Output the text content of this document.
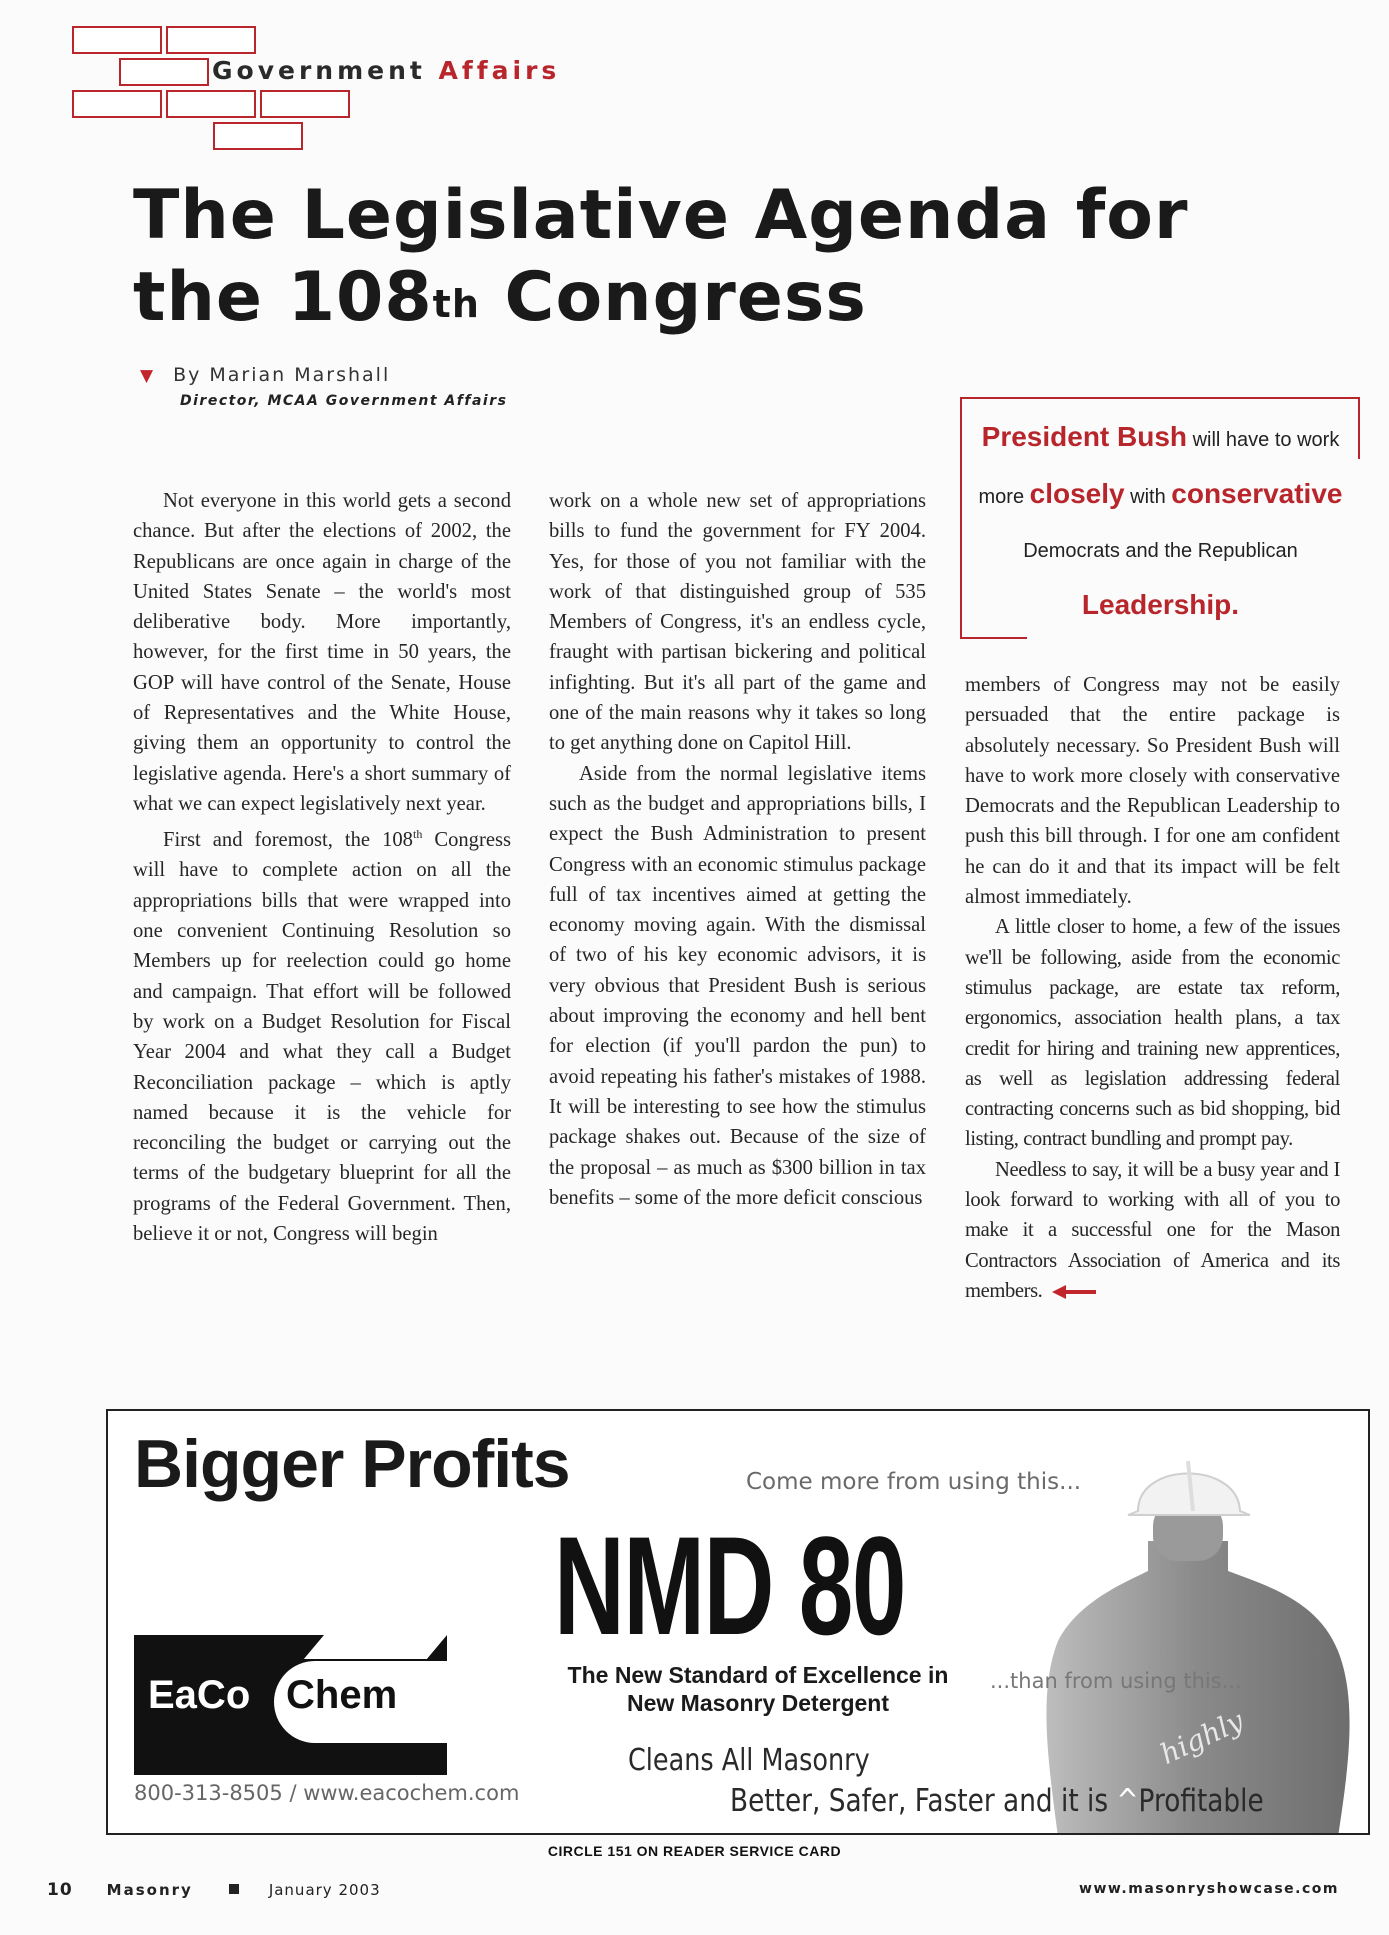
Government Affairs
The Legislative Agenda for
the 108th Congress
▼ By Marian Marshall
Director, MCAA Government Affairs

Not everyone in this world gets a second chance. But after the elections of 2002, the Republicans are once again in charge of the United States Senate – the world's most deliberative body. More importantly, however, for the first time in 50 years, the GOP will have control of the Senate, House of Representatives and the White House, giving them an opportunity to control the legislative agenda. Here's a short summary of what we can expect legislatively next year.

First and foremost, the 108th Congress will have to complete action on all the appropriations bills that were wrapped into one convenient Continuing Resolution so Members up for reelection could go home and campaign. That effort will be followed by work on a Budget Resolution for Fiscal Year 2004 and what they call a Budget Reconciliation package – which is aptly named because it is the vehicle for reconciling the budget or carrying out the terms of the budgetary blueprint for all the programs of the Federal Government. Then, believe it or not, Congress will begin

work on a whole new set of appropriations bills to fund the government for FY 2004. Yes, for those of you not familiar with the work of that distinguished group of 535 Members of Congress, it's an endless cycle, fraught with partisan bickering and political infighting. But it's all part of the game and one of the main reasons why it takes so long to get anything done on Capitol Hill.

Aside from the normal legislative items such as the budget and appropriations bills, I expect the Bush Administration to present Congress with an economic stimulus package full of tax incentives aimed at getting the economy moving again. With the dismissal of two of his key economic advisors, it is very obvious that President Bush is serious about improving the economy and hell bent for election (if you'll pardon the pun) to avoid repeating his father's mistakes of 1988. It will be interesting to see how the stimulus package shakes out. Because of the size of the proposal – as much as $300 billion in tax benefits – some of the more deficit conscious

President Bush will have to work more closely with conservative Democrats and the Republican Leadership.

members of Congress may not be easily persuaded that the entire package is absolutely necessary. So President Bush will have to work more closely with conservative Democrats and the Republican Leadership to push this bill through. I for one am confident he can do it and that its impact will be felt almost immediately.

A little closer to home, a few of the issues we'll be following, aside from the economic stimulus package, are estate tax reform, ergonomics, association health plans, a tax credit for hiring and training new apprentices, as well as legislation addressing federal contracting concerns such as bid shopping, bid listing, contract bundling and prompt pay.

Needless to say, it will be a busy year and I look forward to working with all of you to make it a successful one for the Mason Contractors Association of America and its members.

Bigger Profits	Come more from using this...
NMD 80
The New Standard of Excellence in New Masonry Detergent
...than from using this...
highly
Cleans All Masonry
Better, Safer, Faster and it is ^Profitable
EaCo Chem
800-313-8505 / www.eacochem.com
CIRCLE 151 ON READER SERVICE CARD
10 Masonry	January 2003	www.masonryshowcase.com
